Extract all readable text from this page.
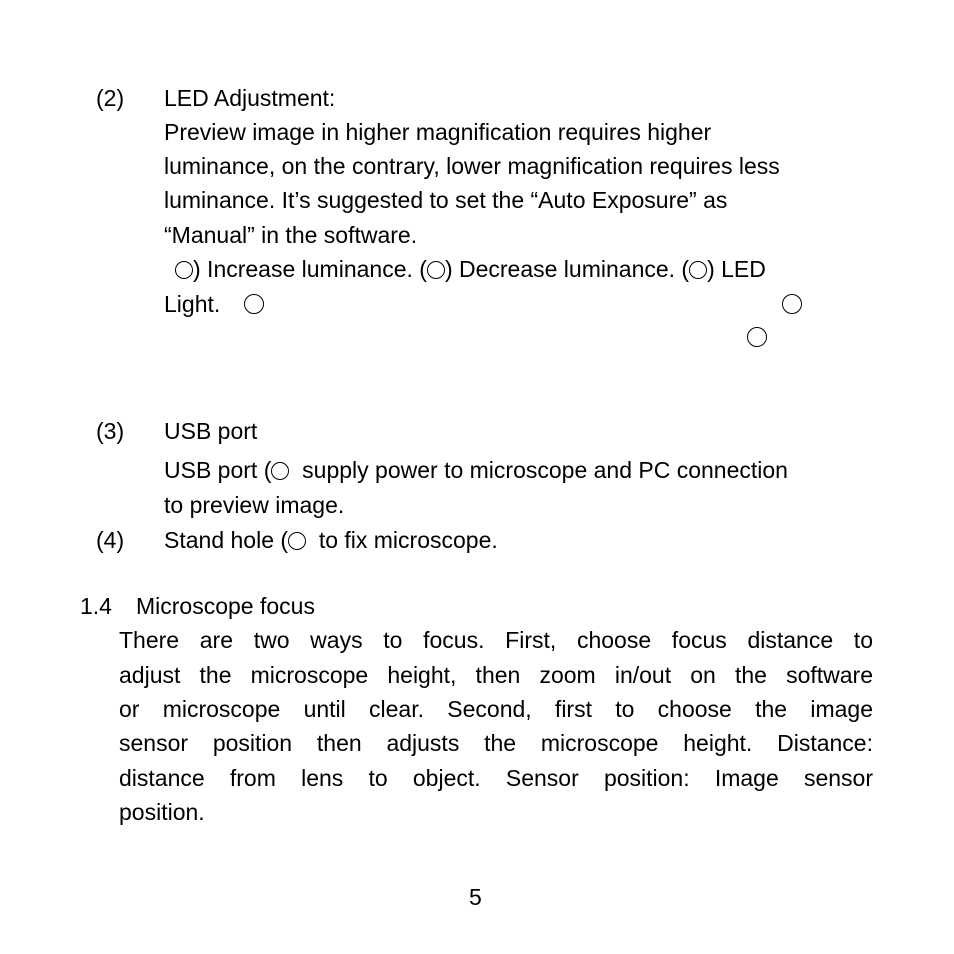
(2) LED Adjustment:
Preview image in higher magnification requires higher
luminance, on the contrary, lower magnification requires less
luminance. It’s suggested to set the “Auto Exposure” as
“Manual” in the software.
) Increase luminance. ( ) Decrease luminance. ( ) LED
Light.
(3) USB port
USB port ( supply power to microscope and PC connection
to preview image.
(4) Stand hole ( to fix microscope.
1.4 Microscope focus
There are two ways to focus. First, choose focus distance to
adjust the microscope height, then zoom in/out on the software
or microscope until clear. Second, first to choose the image
sensor position then adjusts the microscope height. Distance:
distance from lens to object. Sensor position: Image sensor
position.
5
